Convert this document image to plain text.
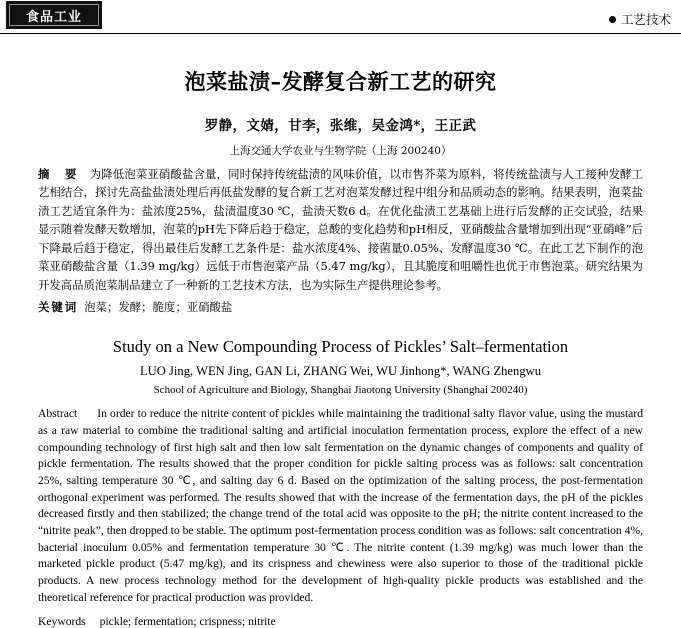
食品工业	工艺技术
泡菜盐渍–发酵复合新工艺的研究
罗静，文婧，甘李，张维，吴金鸿*，王正武
上海交通大学农业与生物学院（上海 200240）
摘　要 为降低泡菜亚硝酸盐含量，同时保持传统盐渍的风味价值，以市售芥菜为原料，将传统盐渍与人工接种发酵工艺相结合，探讨先高盐盐渍处理后再低盐发酵的复合新工艺对泡菜发酵过程中组分和品质动态的影响。结果表明，泡菜盐渍工艺适宜条件为：盐浓度25%，盐渍温度30 ℃，盐渍天数6 d。在优化盐渍工艺基础上进行后发酵的正交试验，结果显示随着发酵天数增加，泡菜的pH先下降后趋于稳定，总酸的变化趋势和pH相反，亚硝酸盐含量增加到出现“亚硝峰”后下降最后趋于稳定，得出最佳后发酵工艺条件是：盐水浓度4%、接菌量0.05%、发酵温度30 ℃。在此工艺下制作的泡菜亚硝酸盐含量（1.39 mg/kg）远低于市售泡菜产品（5.47 mg/kg），且其脆度和咀嚼性也优于市售泡菜。研究结果为开发高品质泡菜制品建立了一种新的工艺技术方法，也为实际生产提供理论参考。
关键词 泡菜；发酵；脆度；亚硝酸盐
Study on a New Compounding Process of Pickles’ Salt–fermentation
LUO Jing, WEN Jing, GAN Li, ZHANG Wei, WU Jinhong*, WANG Zhengwu
School of Agriculture and Biology, Shanghai Jiaotong University (Shanghai 200240)
Abstract In order to reduce the nitrite content of pickles while maintaining the traditional salty flavor value, using the mustard as a raw material to combine the traditional salting and artificial inoculation fermentation process, explore the effect of a new compounding technology of first high salt and then low salt fermentation on the dynamic changes of components and quality of pickle fermentation. The results showed that the proper condition for pickle salting process was as follows: salt concentration 25%, salting temperature 30 ℃, and salting day 6 d. Based on the optimization of the salting process, the post-fermentation orthogonal experiment was performed. The results showed that with the increase of the fermentation days, the pH of the pickles decreased firstly and then stabilized; the change trend of the total acid was opposite to the pH; the nitrite content increased to the “nitrite peak”, then dropped to be stable. The optimum post-fermentation process condition was as follows: salt concentration 4%, bacterial inoculum 0.05% and fermentation temperature 30 ℃. The nitrite content (1.39 mg/kg) was much lower than the marketed pickle product (5.47 mg/kg), and its crispness and chewiness were also superior to those of the traditional pickle products. A new process technology method for the development of high-quality pickle products was established and the theoretical reference for practical production was provided.
Keywords pickle; fermentation; crispness; nitrite
